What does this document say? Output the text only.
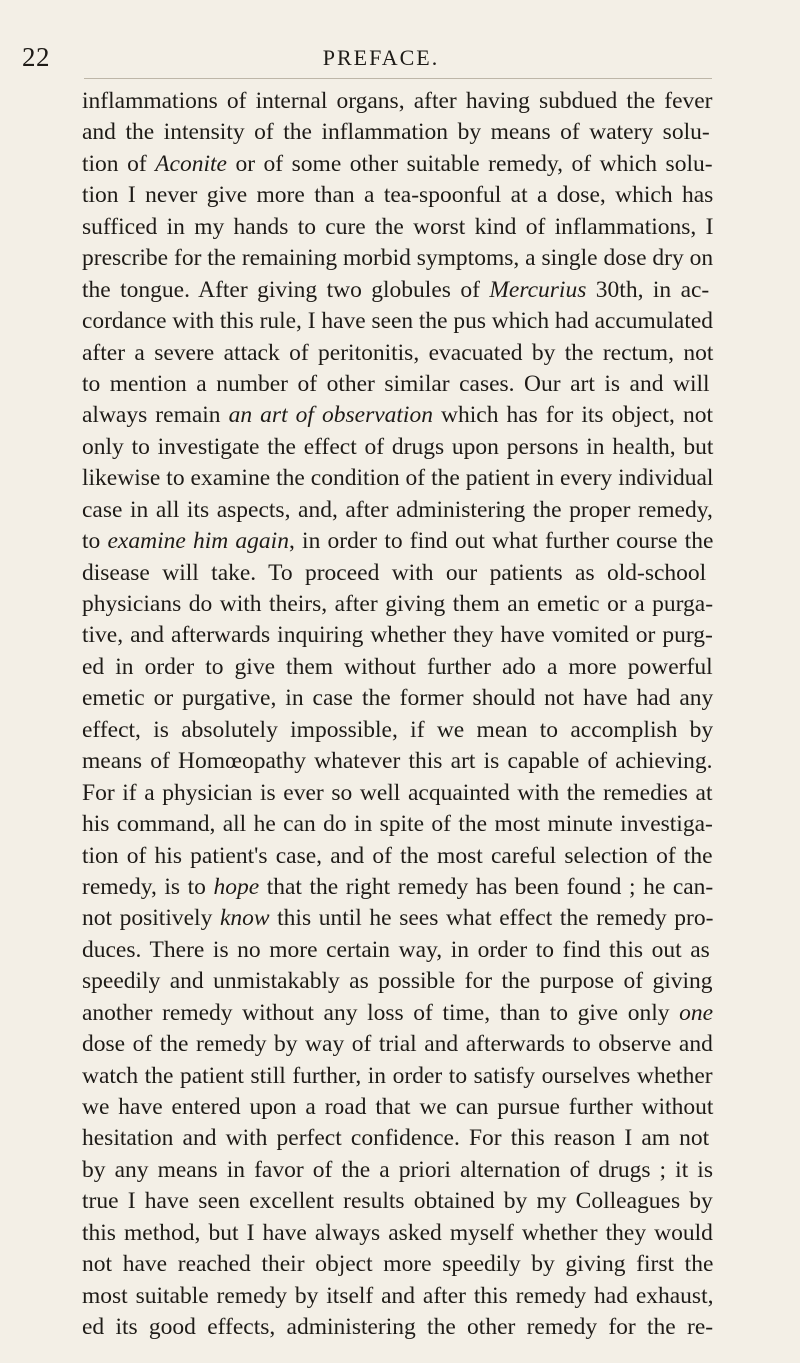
22	PREFACE.
inflammations of internal organs, after having subdued the fever
and the intensity of the inflammation by means of watery solu-
tion of Aconite or of some other suitable remedy, of which solu-
tion I never give more than a tea-spoonful at a dose, which has
sufficed in my hands to cure the worst kind of inflammations, I
prescribe for the remaining morbid symptoms, a single dose dry on
the tongue. After giving two globules of Mercurius 30th, in ac-
cordance with this rule, I have seen the pus which had accumulated
after a severe attack of peritonitis, evacuated by the rectum, not
to mention a number of other similar cases. Our art is and will
always remain an art of observation which has for its object, not
only to investigate the effect of drugs upon persons in health, but
likewise to examine the condition of the patient in every individual
case in all its aspects, and, after administering the proper remedy,
to examine him again, in order to find out what further course the
disease will take. To proceed with our patients as old-school
physicians do with theirs, after giving them an emetic or a purga-
tive, and afterwards inquiring whether they have vomited or purg-
ed in order to give them without further ado a more powerful
emetic or purgative, in case the former should not have had any
effect, is absolutely impossible, if we mean to accomplish by
means of Homœopathy whatever this art is capable of achieving.
For if a physician is ever so well acquainted with the remedies at
his command, all he can do in spite of the most minute investiga-
tion of his patient's case, and of the most careful selection of the
remedy, is to hope that the right remedy has been found ; he can-
not positively know this until he sees what effect the remedy pro-
duces. There is no more certain way, in order to find this out as
speedily and unmistakably as possible for the purpose of giving
another remedy without any loss of time, than to give only one
dose of the remedy by way of trial and afterwards to observe and
watch the patient still further, in order to satisfy ourselves whether
we have entered upon a road that we can pursue further without
hesitation and with perfect confidence. For this reason I am not
by any means in favor of the a priori alternation of drugs ; it is
true I have seen excellent results obtained by my Colleagues by
this method, but I have always asked myself whether they would
not have reached their object more speedily by giving first the
most suitable remedy by itself and after this remedy had exhaust,
ed its good effects, administering the other remedy for the re-
